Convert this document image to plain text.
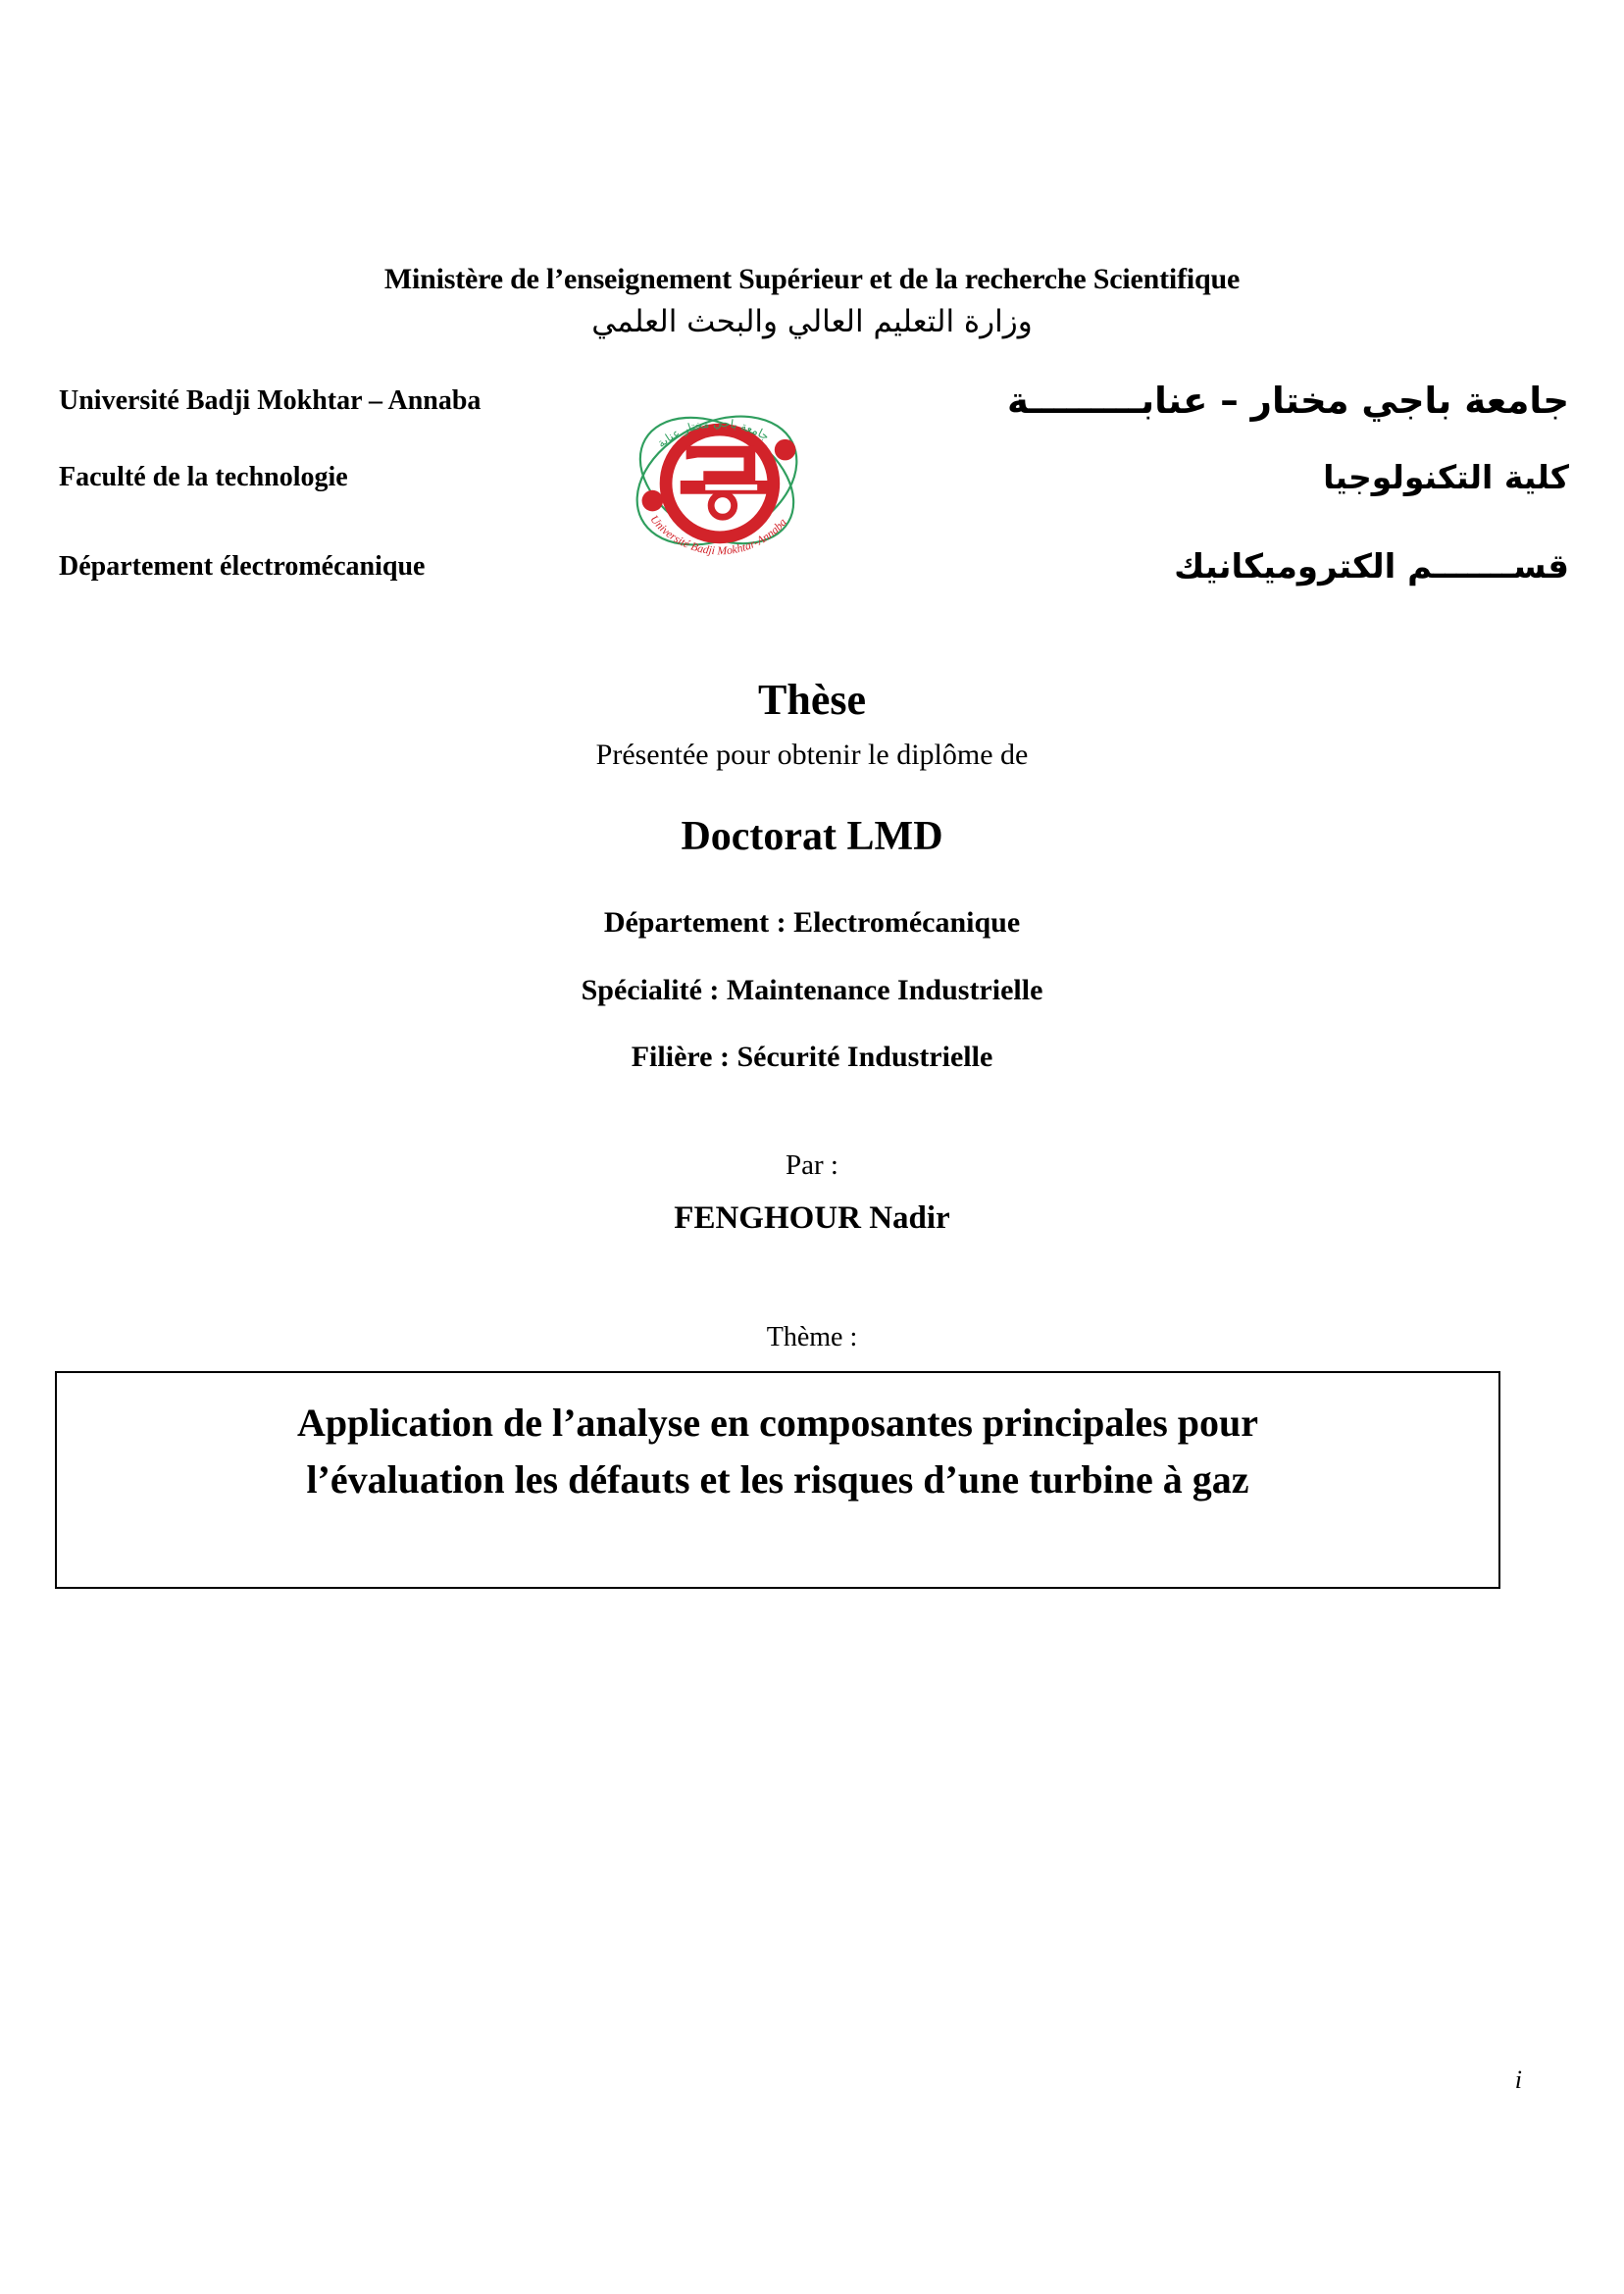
Ministère de l’enseignement Supérieur et de la recherche Scientifique
وزارة التعليم العالي والبحث العلمي
Université Badji Mokhtar – Annaba	جامعة باجي مختار – عنابـــــــــة
Faculté de la technologie	كلية التكنولوجيا
Département électromécanique	قســـــــم الكتروميكانيك
جامعة باجي مختار عنابة
Université Badji Mokhtar-Annaba
Thèse
Présentée pour obtenir le diplôme de
Doctorat LMD
Département : Electromécanique
Spécialité : Maintenance Industrielle
Filière : Sécurité Industrielle
Par :
FENGHOUR Nadir
Thème :
Application de l’analyse en composantes principales pour
l’évaluation les défauts et les risques d’une turbine à gaz
i
